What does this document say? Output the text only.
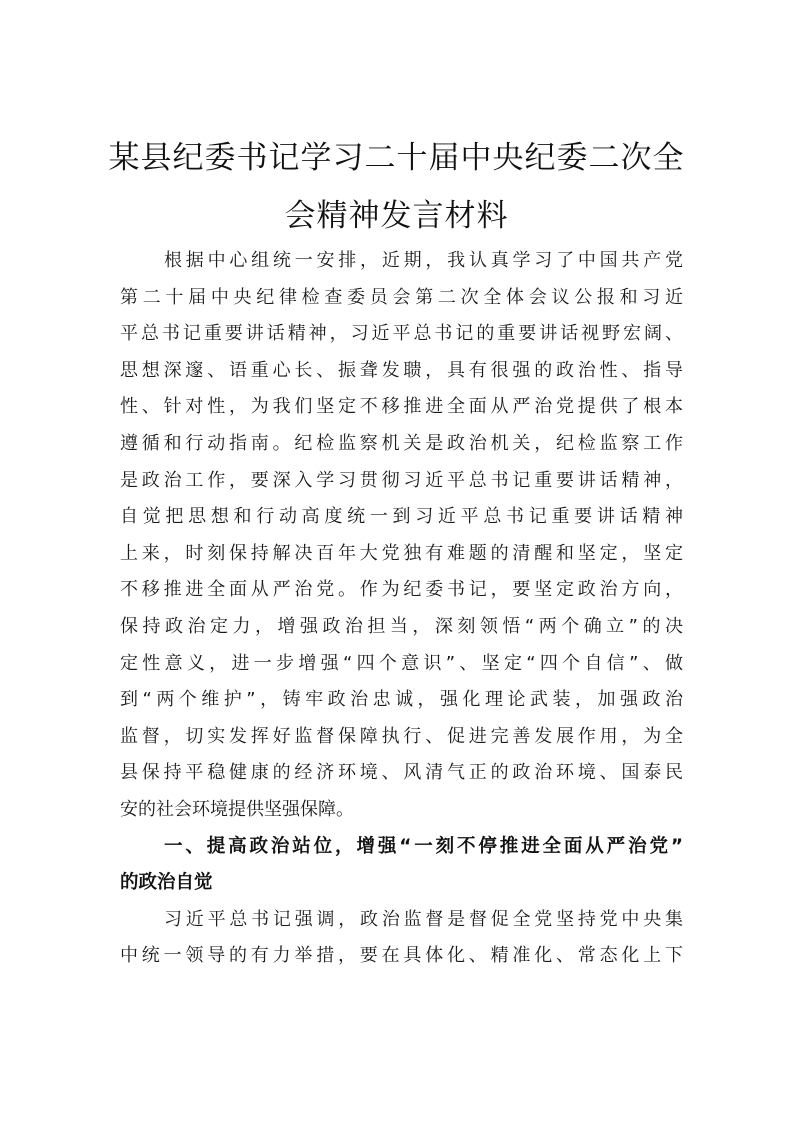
某县纪委书记学习二十届中央纪委二次全
会精神发言材料
根据中心组统一安排，近期，我认真学习了中国共产党
第二十届中央纪律检查委员会第二次全体会议公报和习近
平总书记重要讲话精神，习近平总书记的重要讲话视野宏阔、
思想深邃、语重心长、振聋发聩，具有很强的政治性、指导
性、针对性，为我们坚定不移推进全面从严治党提供了根本
遵循和行动指南。纪检监察机关是政治机关，纪检监察工作
是政治工作，要深入学习贯彻习近平总书记重要讲话精神，
自觉把思想和行动高度统一到习近平总书记重要讲话精神
上来，时刻保持解决百年大党独有难题的清醒和坚定，坚定
不移推进全面从严治党。作为纪委书记，要坚定政治方向，
保持政治定力，增强政治担当，深刻领悟“两个确立”的决
定性意义，进一步增强“四个意识”、坚定“四个自信”、做
到“两个维护”，铸牢政治忠诚，强化理论武装，加强政治
监督，切实发挥好监督保障执行、促进完善发展作用，为全
县保持平稳健康的经济环境、风清气正的政治环境、国泰民
安的社会环境提供坚强保障。
一、提高政治站位，增强“一刻不停推进全面从严治党”
的政治自觉
习近平总书记强调，政治监督是督促全党坚持党中央集
中统一领导的有力举措，要在具体化、精准化、常态化上下
